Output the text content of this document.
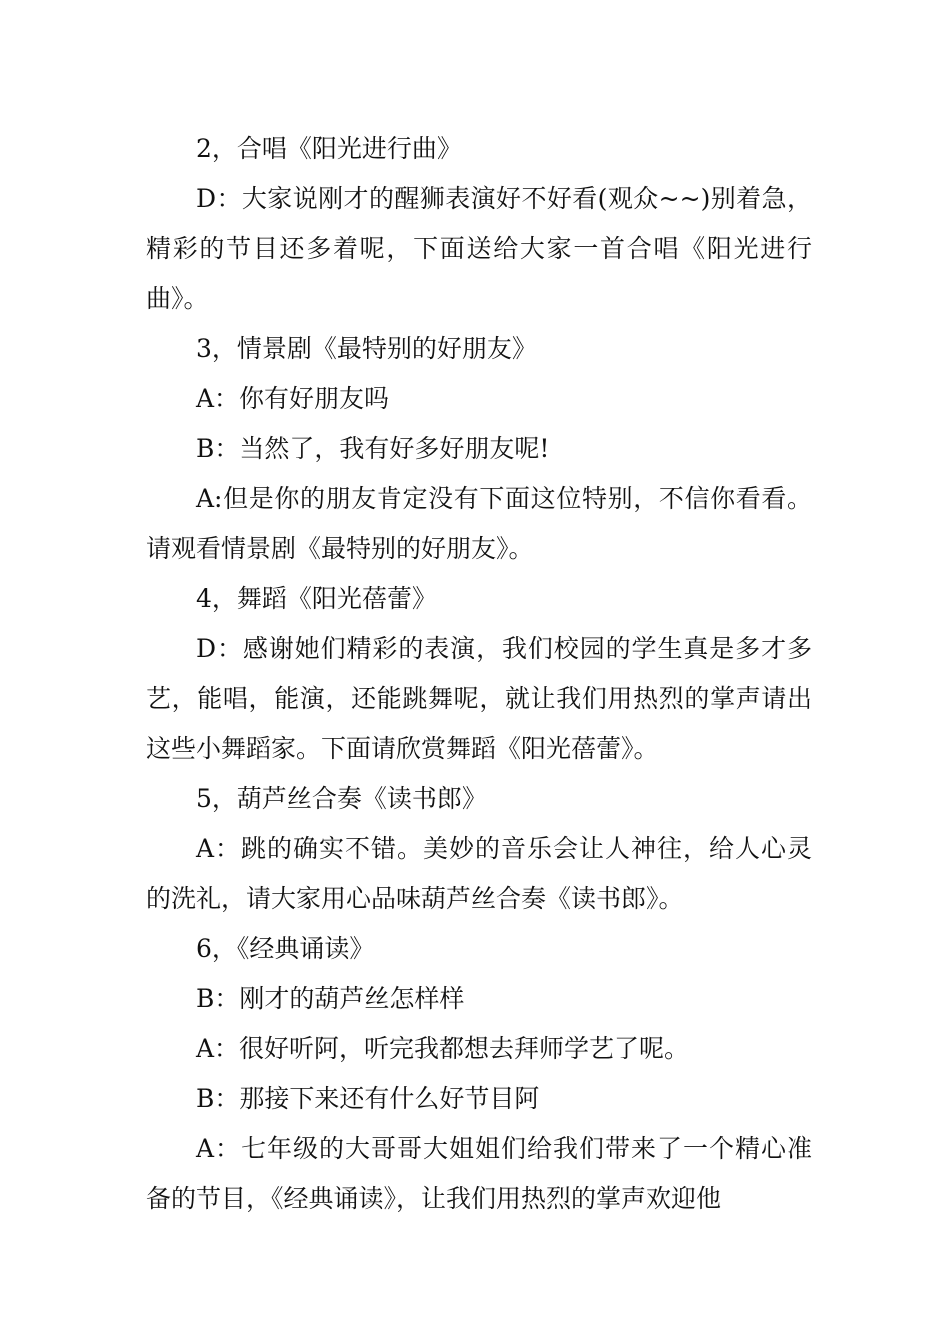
2，合唱《阳光进行曲》

D：大家说刚才的醒狮表演好不好看(观众~~)别着急，精彩的节目还多着呢，下面送给大家一首合唱《阳光进行曲》。

3，情景剧《最特别的好朋友》

A：你有好朋友吗

B：当然了，我有好多好朋友呢!

A:但是你的朋友肯定没有下面这位特别，不信你看看。请观看情景剧《最特别的好朋友》。

4，舞蹈《阳光蓓蕾》

D：感谢她们精彩的表演，我们校园的学生真是多才多艺，能唱，能演，还能跳舞呢，就让我们用热烈的掌声请出这些小舞蹈家。下面请欣赏舞蹈《阳光蓓蕾》。

5，葫芦丝合奏《读书郎》

A：跳的确实不错。美妙的音乐会让人神往，给人心灵的洗礼，请大家用心品味葫芦丝合奏《读书郎》。

6，《经典诵读》

B：刚才的葫芦丝怎样样

A：很好听阿，听完我都想去拜师学艺了呢。

B：那接下来还有什么好节目阿

A：七年级的大哥哥大姐姐们给我们带来了一个精心准备的节目，《经典诵读》，让我们用热烈的掌声欢迎他
